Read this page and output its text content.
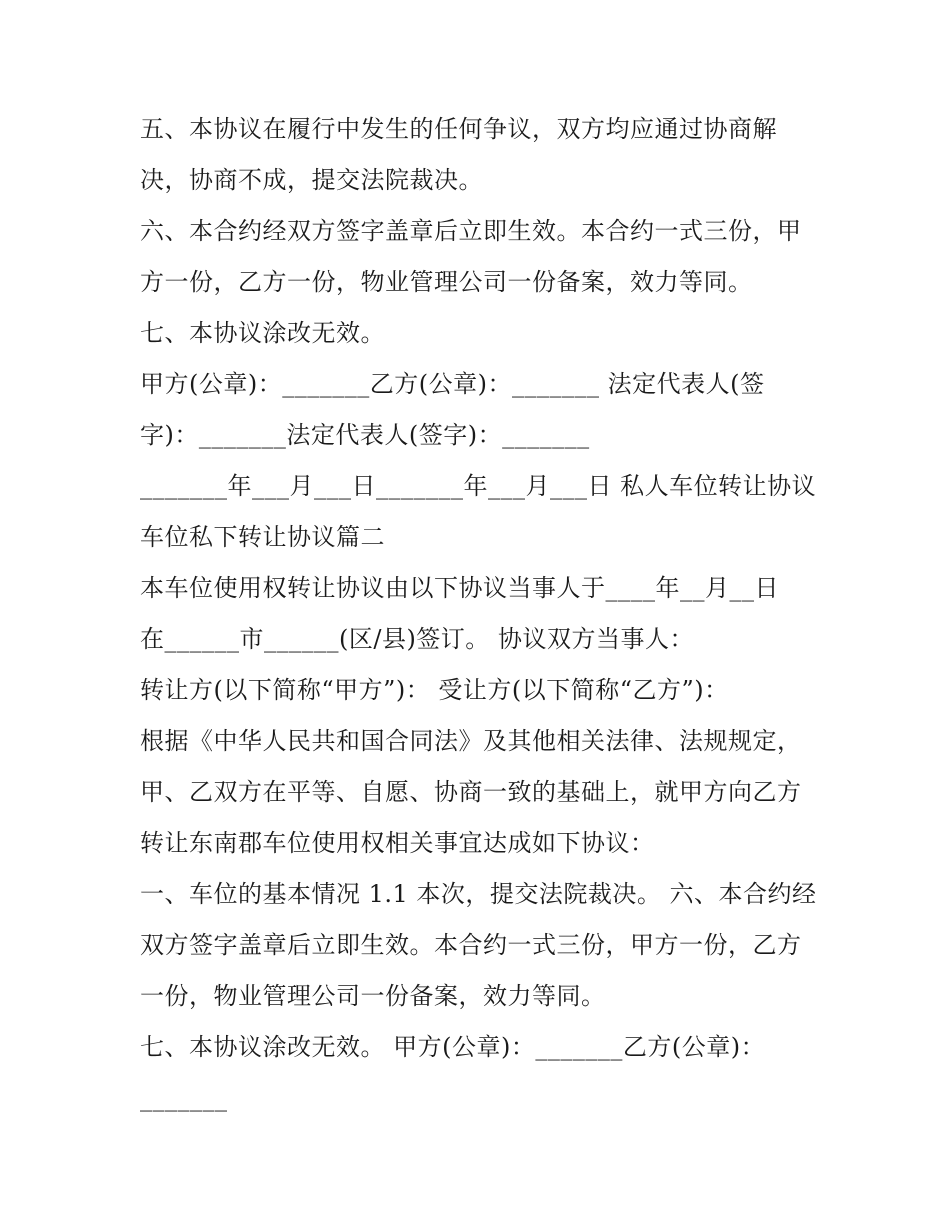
五、本协议在履行中发生的任何争议，双方均应通过协商解
决，协商不成，提交法院裁决。
六、本合约经双方签字盖章后立即生效。本合约一式三份，甲
方一份，乙方一份，物业管理公司一份备案，效力等同。
七、本协议涂改无效。
甲方(公章)：_______乙方(公章)：_______ 法定代表人(签
字)：_______法定代表人(签字)：_______
_______年___月___日_______年___月___日 私人车位转让协议
车位私下转让协议篇二
本车位使用权转让协议由以下协议当事人于____年__月__日
在______市______(区/县)签订。 协议双方当事人：
转让方(以下简称“甲方”)： 受让方(以下简称“乙方”)：
根据《中华人民共和国合同法》及其他相关法律、法规规定，
甲、乙双方在平等、自愿、协商一致的基础上，就甲方向乙方
转让东南郡车位使用权相关事宜达成如下协议：
一、车位的基本情况 1.1 本次，提交法院裁决。 六、本合约经
双方签字盖章后立即生效。本合约一式三份，甲方一份，乙方
一份，物业管理公司一份备案，效力等同。
七、本协议涂改无效。 甲方(公章)：_______乙方(公章)：
_______
